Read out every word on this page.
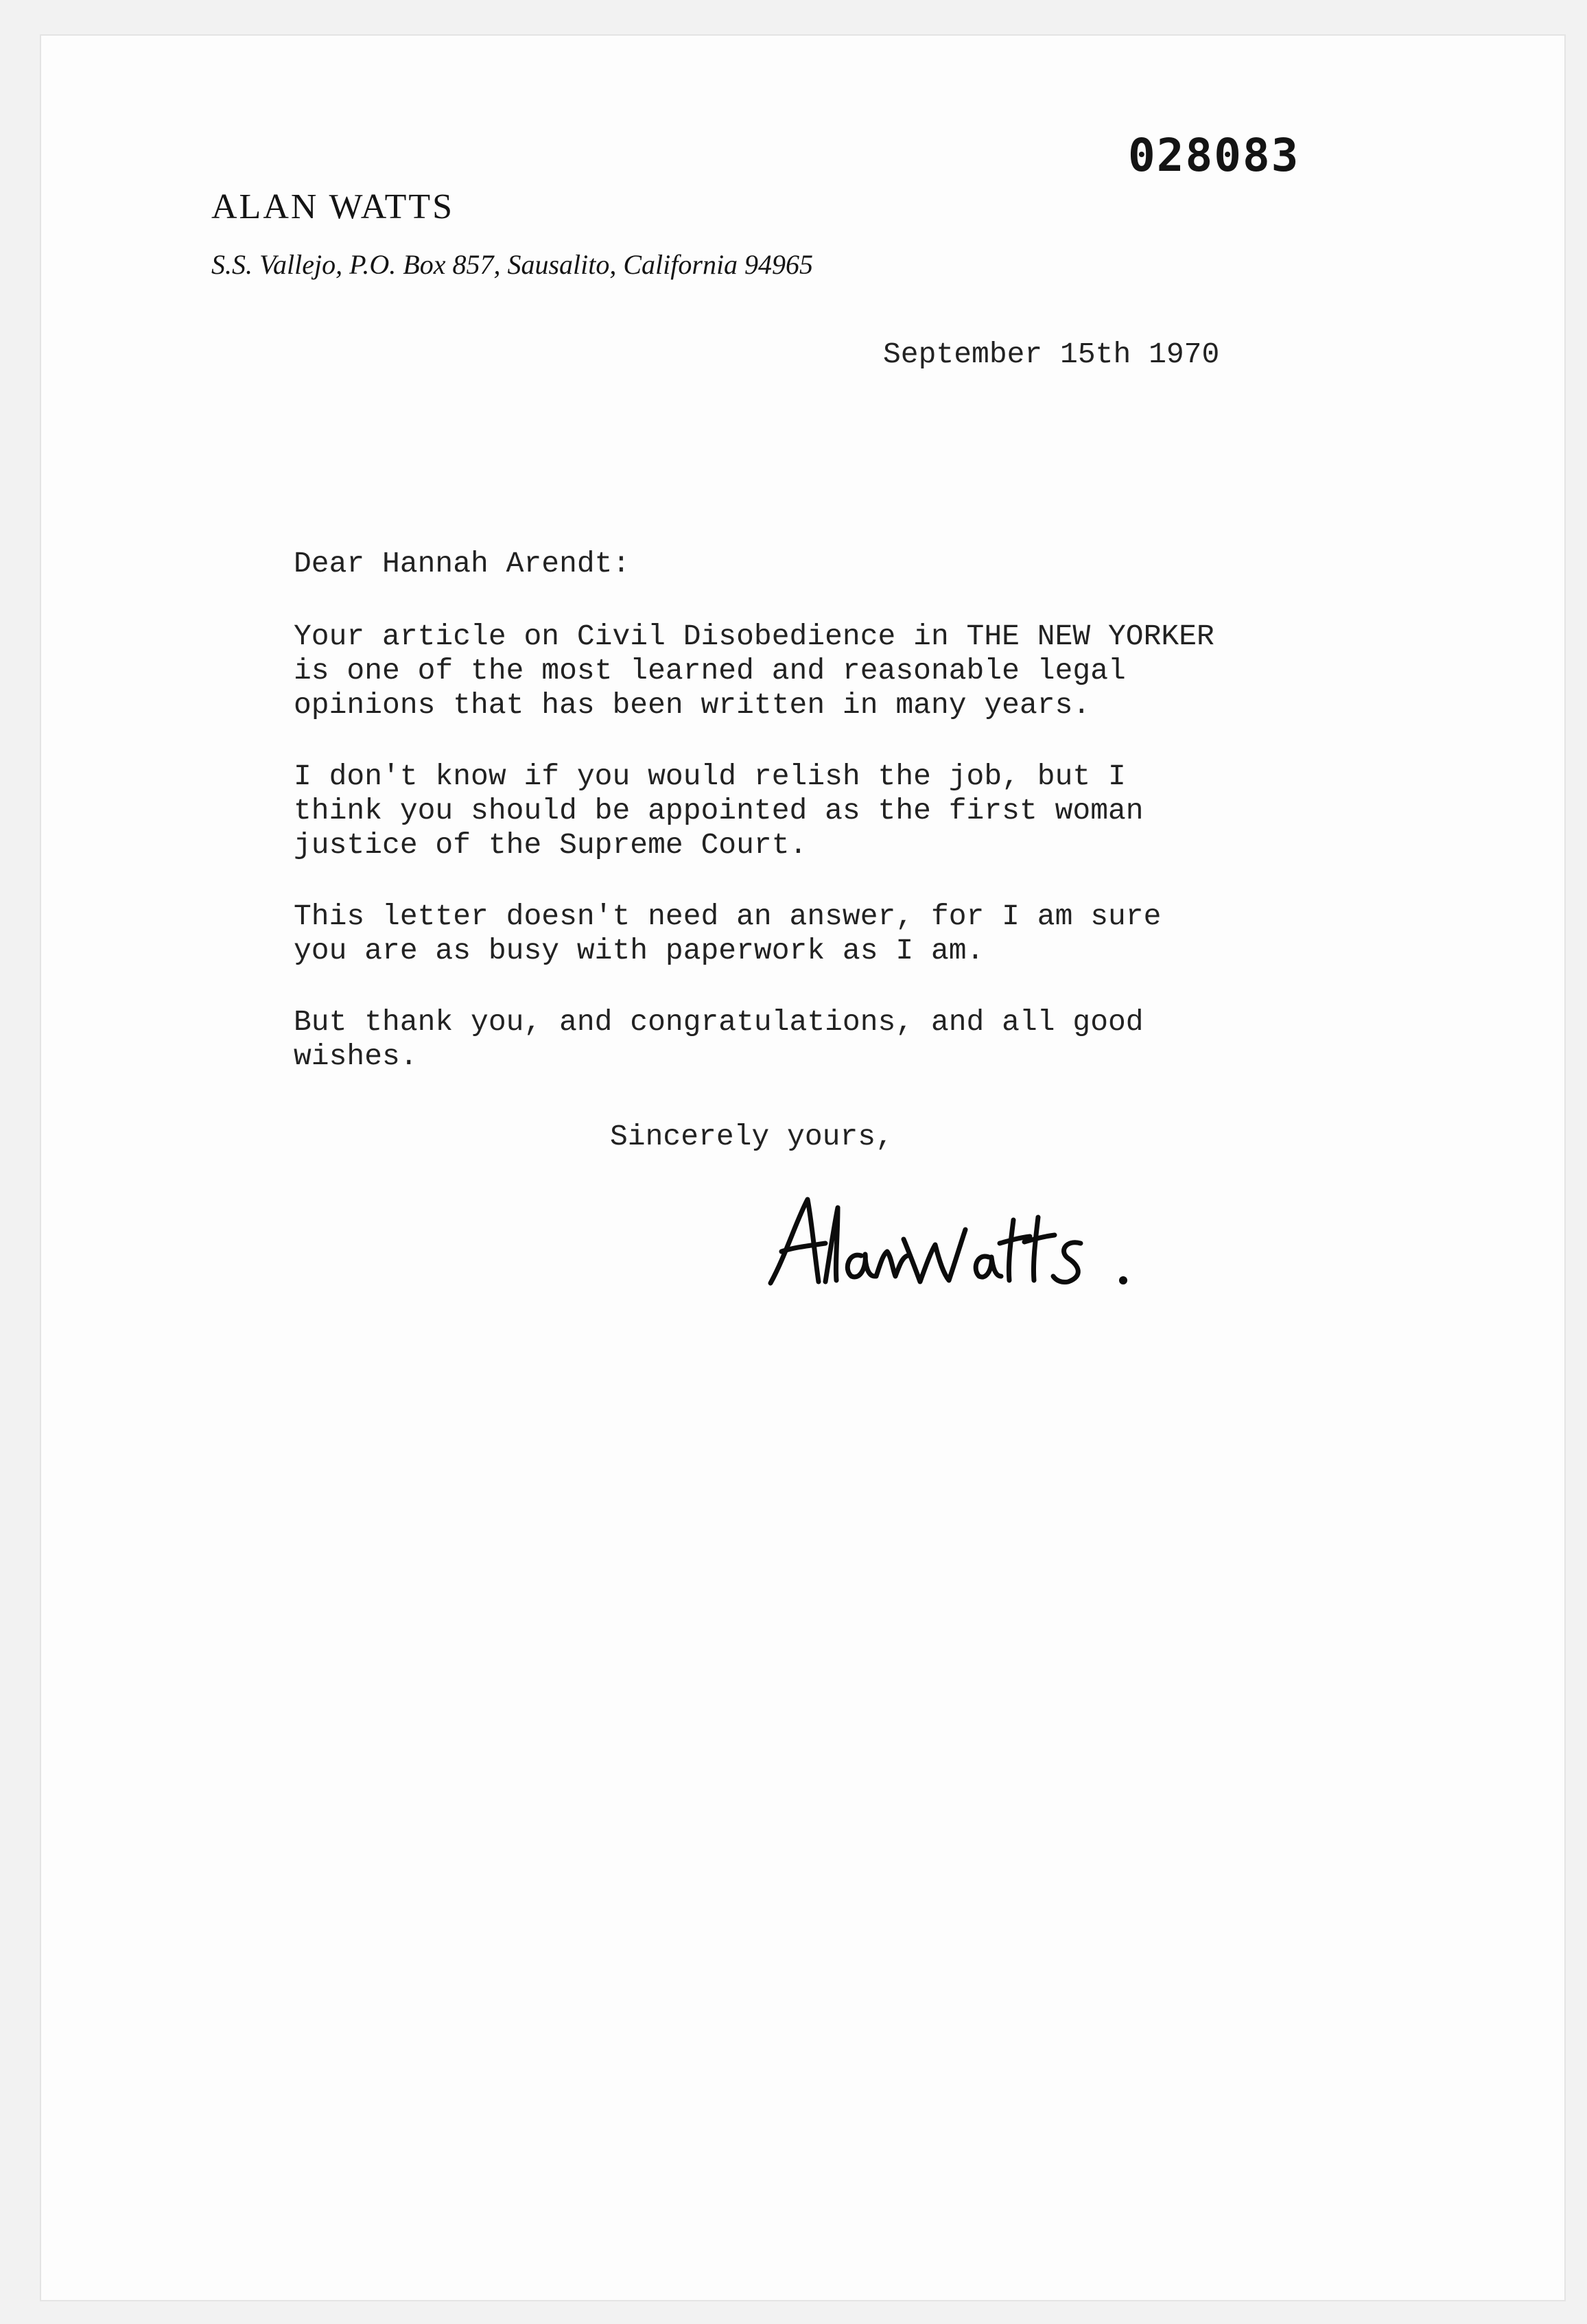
028083
ALAN WATTS
S.S. Vallejo, P.O. Box 857, Sausalito, California 94965
September 15th 1970
Dear Hannah Arendt:

Your article on Civil Disobedience in THE NEW YORKER
is one of the most learned and reasonable legal
opinions that has been written in many years.

I don't know if you would relish the job, but I
think you should be appointed as the first woman
justice of the Supreme Court.

This letter doesn't need an answer, for I am sure
you are as busy with paperwork as I am.

But thank you, and congratulations, and all good
wishes.

Sincerely yours,
